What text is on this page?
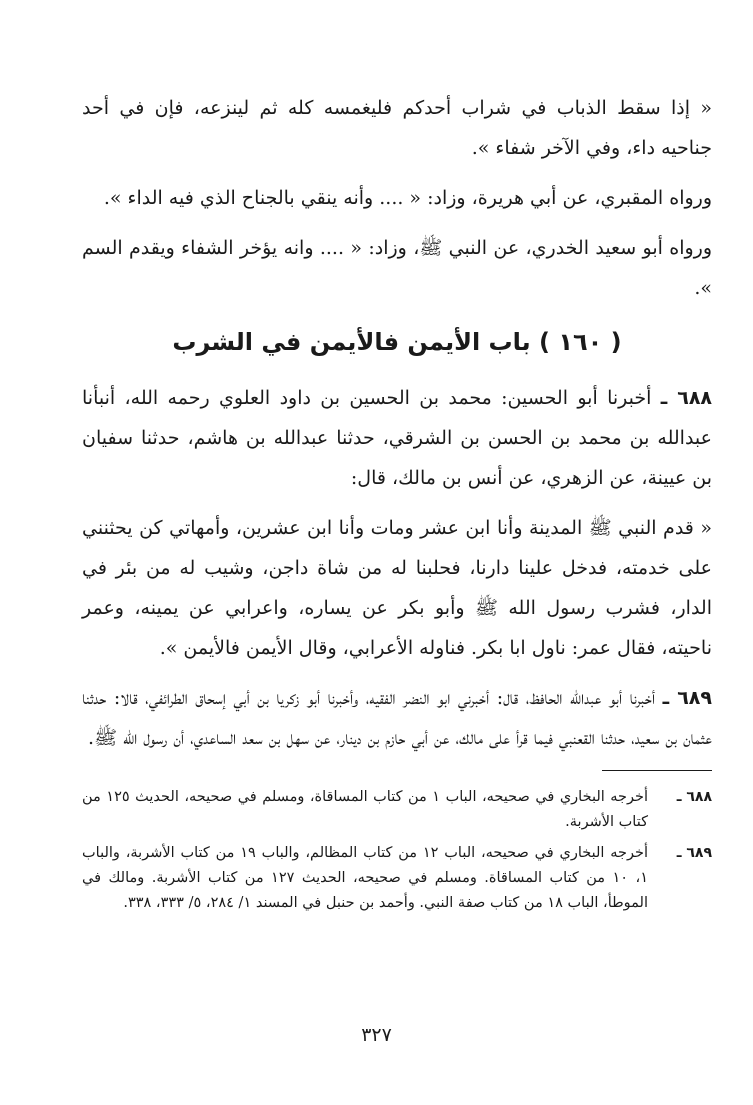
« إذا سقط الذباب في شراب أحدكم فليغمسه كله ثم لينزعه، فإن في أحد جناحيه داء، وفي الآخر شفاء ».

ورواه المقبري، عن أبي هريرة، وزاد: « .... وأنه ينقي بالجناح الذي فيه الداء ».

ورواه أبو سعيد الخدري، عن النبي ﷺ، وزاد: « .... وانه يؤخر الشفاء ويقدم السم ».

( ١٦٠ ) باب الأيمن فالأيمن في الشرب

٦٨٨ ـ أخبرنا أبو الحسين: محمد بن الحسين بن داود العلوي رحمه الله، أنبأنا عبدالله بن محمد بن الحسن بن الشرقي، حدثنا عبدالله بن هاشم، حدثنا سفيان بن عيينة، عن الزهري، عن أنس بن مالك، قال:

« قدم النبي ﷺ المدينة وأنا ابن عشر ومات وأنا ابن عشرين، وأمهاتي كن يحثنني على خدمته، فدخل علينا دارنا، فحلبنا له من شاة داجن، وشيب له من بئر في الدار، فشرب رسول الله ﷺ وأبو بكر عن يساره، واعرابي عن يمينه، وعمر ناحيته، فقال عمر: ناول ابا بكر. فناوله الأعرابي، وقال الأيمن فالأيمن ».

٦٨٩ ـ أخبرنا أبو عبدالله الحافظ، قال: أخبرني ابو النضر الفقيه، وأخبرنا أبو زكريا بن أبي إسحاق الطرائفي، قالا: حدثنا عثمان بن سعيد، حدثنا القعنبي فيما قرأ على مالك، عن أبي حازم بن دينار، عن سهل بن سعد الساعدي، أن رسول الله ﷺ.

٦٨٨ ـ
أخرجه البخاري في صحيحه، الباب ١ من كتاب المساقاة، ومسلم في صحيحه، الحديث ١٢٥ من كتاب الأشربة.
٦٨٩ ـ
أخرجه البخاري في صحيحه، الباب ١٢ من كتاب المظالم، والباب ١٩ من كتاب الأشربة، والباب ١، ١٠ من كتاب المساقاة. ومسلم في صحيحه، الحديث ١٢٧ من كتاب الأشربة. ومالك في الموطأ، الباب ١٨ من كتاب صفة النبي. وأحمد بن حنبل في المسند ١/ ٢٨٤، ٥/ ٣٣٣، ٣٣٨.
٣٢٧
